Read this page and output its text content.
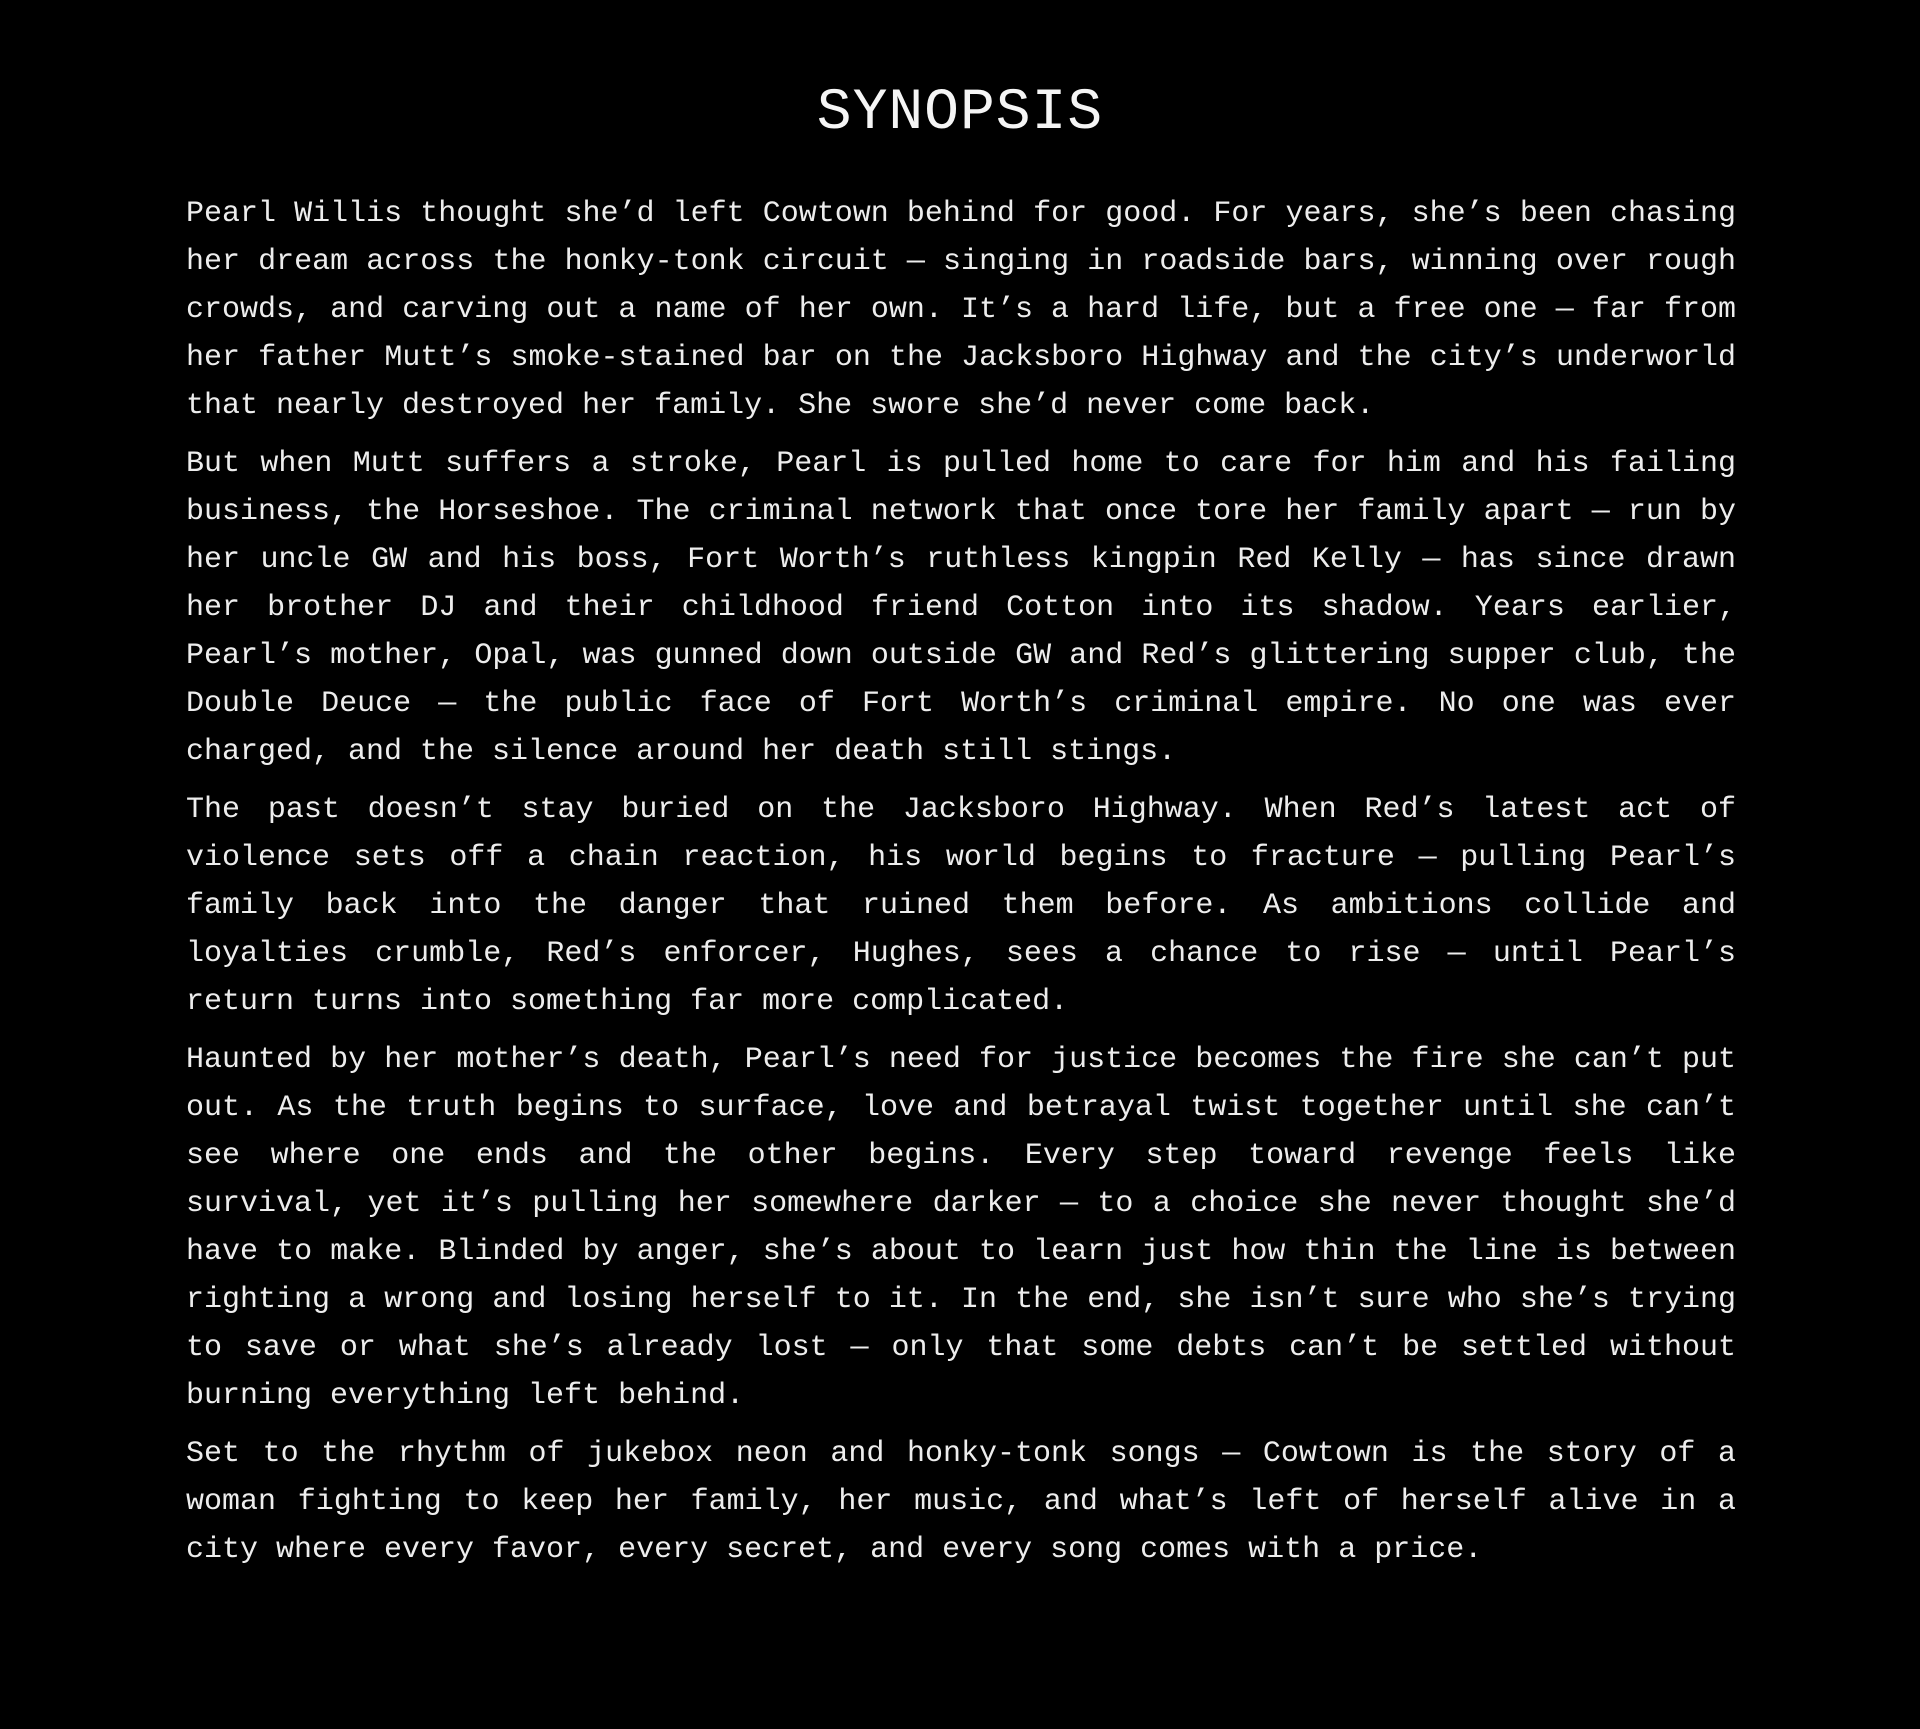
SYNOPSIS

Pearl Willis thought she’d left Cowtown behind for good. For years, she’s been chasing her dream across the honky-tonk circuit — singing in roadside bars, winning over rough crowds, and carving out a name of her own. It’s a hard life, but a free one — far from her father Mutt’s smoke-stained bar on the Jacksboro Highway and the city’s underworld that nearly destroyed her family. She swore she’d never come back.

But when Mutt suffers a stroke, Pearl is pulled home to care for him and his failing business, the Horseshoe. The criminal network that once tore her family apart — run by her uncle GW and his boss, Fort Worth’s ruthless kingpin Red Kelly — has since drawn her brother DJ and their childhood friend Cotton into its shadow. Years earlier, Pearl’s mother, Opal, was gunned down outside GW and Red’s glittering supper club, the Double Deuce — the public face of Fort Worth’s criminal empire. No one was ever charged, and the silence around her death still stings.

The past doesn’t stay buried on the Jacksboro Highway. When Red’s latest act of violence sets off a chain reaction, his world begins to fracture — pulling Pearl’s family back into the danger that ruined them before. As ambitions collide and loyalties crumble, Red’s enforcer, Hughes, sees a chance to rise — until Pearl’s return turns into something far more complicated.

Haunted by her mother’s death, Pearl’s need for justice becomes the fire she can’t put out. As the truth begins to surface, love and betrayal twist together until she can’t see where one ends and the other begins. Every step toward revenge feels like survival, yet it’s pulling her somewhere darker — to a choice she never thought she’d have to make. Blinded by anger, she’s about to learn just how thin the line is between righting a wrong and losing herself to it. In the end, she isn’t sure who she’s trying to save or what she’s already lost — only that some debts can’t be settled without burning everything left behind.

Set to the rhythm of jukebox neon and honky-tonk songs — Cowtown is the story of a woman fighting to keep her family, her music, and what’s left of herself alive in a city where every favor, every secret, and every song comes with a price.
